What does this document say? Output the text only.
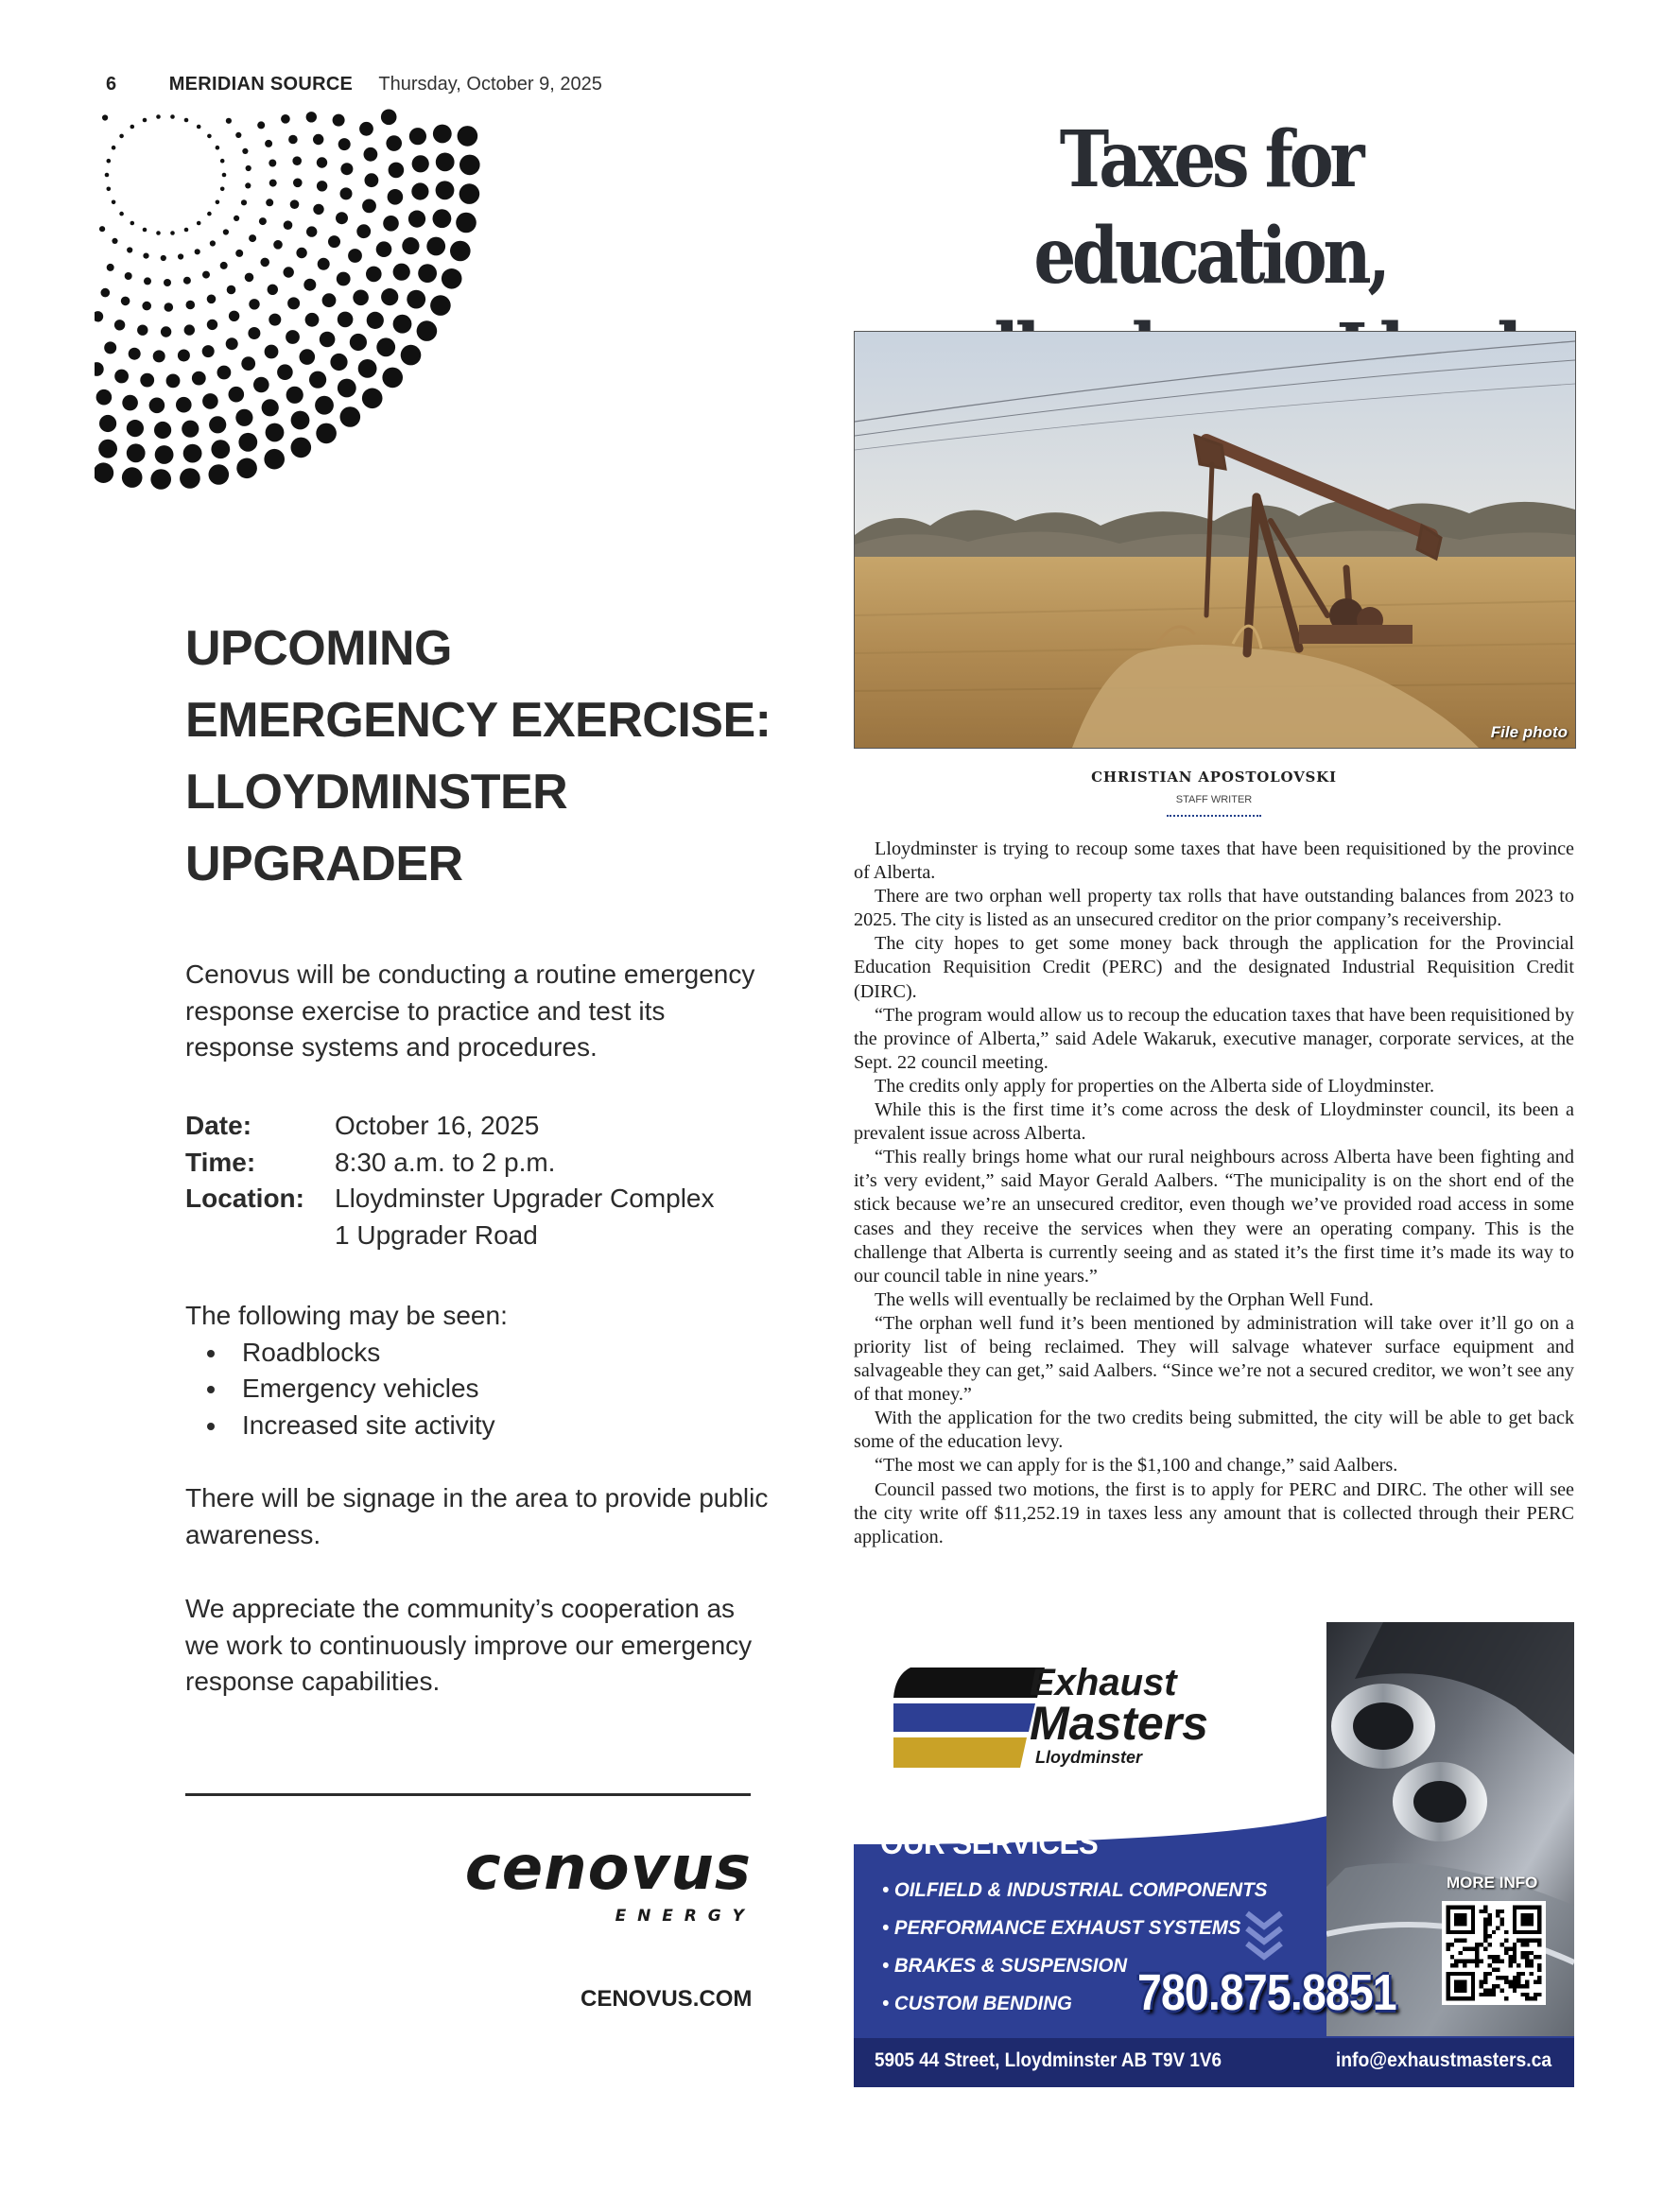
6	MERIDIAN SOURCE Thursday, October 9, 2025
UPCOMING
EMERGENCY EXERCISE:
LLOYDMINSTER
UPGRADER
Cenovus will be conducting a routine emergency response exercise to practice and test its response systems and procedures.
Date:	October 16, 2025
Time:	8:30 a.m. to 2 p.m.
Location:	Lloydminster Upgrader Complex
1 Upgrader Road
The following may be seen:
• Roadblocks
• Emergency vehicles
• Increased site activity
There will be signage in the area to provide public awareness.
We appreciate the community’s cooperation as we work to continuously improve our emergency response capabilities.
cenovus
E N E R G Y
CENOVUS.COM
Taxes for education,
File photo
CHRISTIAN APOSTOLOVSKI
STAFF WRITER

Lloydminster is trying to recoup some taxes that have been requisitioned by the province of Alberta.

There are two orphan well property tax rolls that have outstanding balances from 2023 to 2025. The city is listed as an unsecured creditor on the prior company’s receivership.

The city hopes to get some money back through the application for the Provincial Education Requisition Credit (PERC) and the designated Industrial Requisition Credit (DIRC).

“The program would allow us to recoup the education taxes that have been requisitioned by the province of Alberta,” said Adele Wakaruk, executive manager, corporate services, at the Sept. 22 council meeting.

The credits only apply for properties on the Alberta side of Lloydminster.

While this is the first time it’s come across the desk of Lloydminster council, its been a prevalent issue across Alberta.

“This really brings home what our rural neighbours across Alberta have been fighting and it’s very evident,” said Mayor Gerald Aalbers. “The municipality is on the short end of the stick because we’re an unsecured creditor, even though we’ve provided road access in some cases and they receive the services when they were an operating company. This is the challenge that Alberta is currently seeing and as stated it’s the first time it’s made its way to our council table in nine years.”

The wells will eventually be reclaimed by the Orphan Well Fund.

“The orphan well fund it’s been mentioned by administration will take over it’ll go on a priority list of being reclaimed. They will salvage whatever surface equipment and salvageable they can get,” said Aalbers. “Since we’re not a secured creditor, we won’t see any of that money.”

With the application for the two credits being submitted, the city will be able to get back some of the education levy.

“The most we can apply for is the $1,100 and change,” said Aalbers.

Council passed two motions, the first is to apply for PERC and DIRC. The other will see the city write off $11,252.19 in taxes less any amount that is collected through their PERC application.

Exhaust
Masters
Lloydminster
OUR SERVICES
• OILFIELD & INDUSTRIAL COMPONENTS
• PERFORMANCE EXHAUST SYSTEMS
• BRAKES & SUSPENSION
• CUSTOM BENDING	780.875.8851
MORE INFO
5905 44 Street, Lloydminster AB T9V 1V6	info@exhaustmasters.ca
